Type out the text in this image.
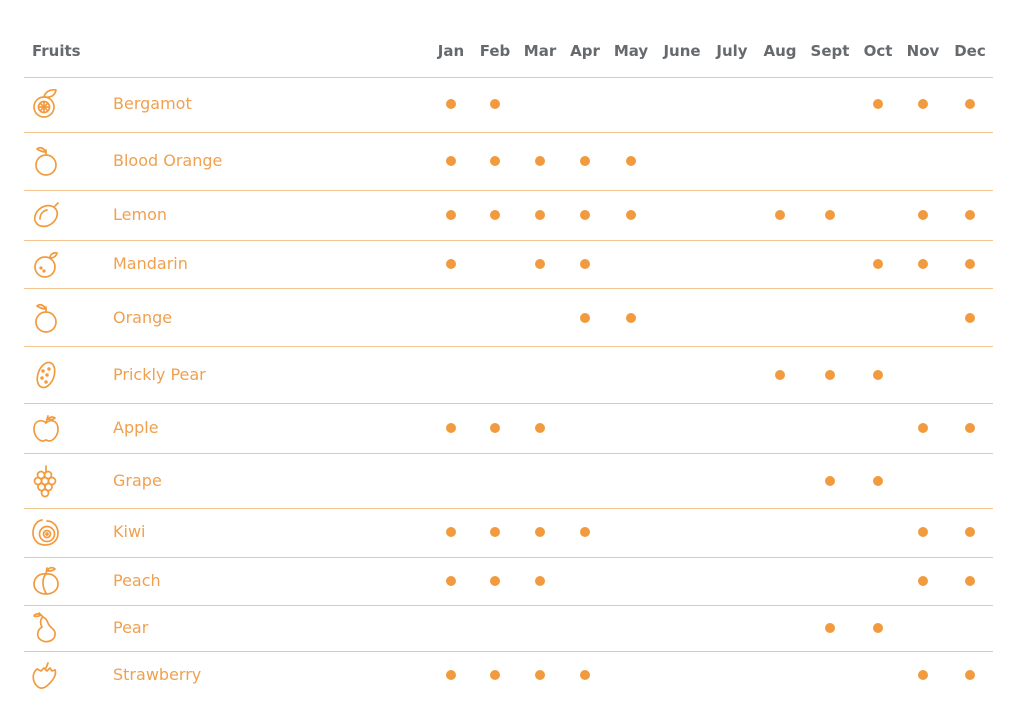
Fruits	Jan Feb Mar Apr May June July Aug Sept Oct Nov Dec
Bergamot
Blood Orange
Lemon
Mandarin
Orange
Prickly Pear
Apple
Grape
Kiwi
Peach
Pear
Strawberry
